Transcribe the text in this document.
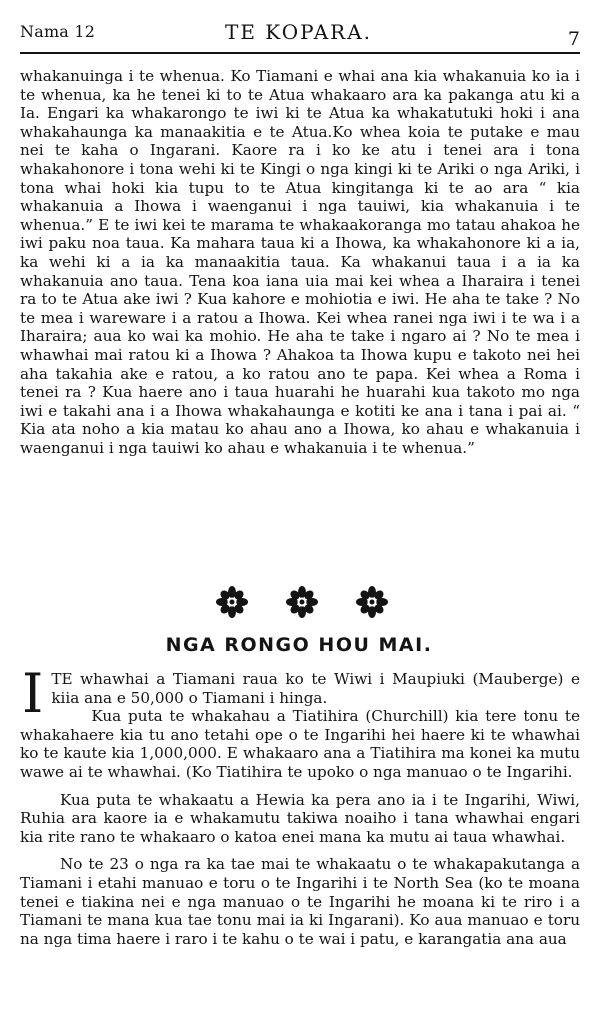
Nama 12	TE KOPARA.	7

whakanuinga i te whenua. Ko Tiamani e whai ana kia whakanuia ko ia i te whenua, ka he tenei ki to te Atua whakaaro ara ka pakanga atu ki a Ia. Engari ka whakarongo te iwi ki te Atua ka whakatutuki hoki i ana whakahaunga ka manaakitia e te Atua.Ko whea koia te putake e mau nei te kaha o Ingarani. Kaore ra i ko ke atu i tenei ara i tona whakahonore i tona wehi ki te Kingi o nga kingi ki te Ariki o nga Ariki, i tona whai hoki kia tupu to te Atua kingitanga ki te ao ara “ kia whakanuia a Ihowa i waenganui i nga tauiwi, kia whakanuia i te whenua.” E te iwi kei te marama te whakaakoranga mo tatau ahakoa he iwi paku noa taua. Ka mahara taua ki a Ihowa, ka whakahonore ki a ia, ka wehi ki a ia ka manaakitia taua. Ka whakanui taua i a ia ka whakanuia ano taua. Tena koa iana uia mai kei whea a Iharaira i tenei ra to te Atua ake iwi ? Kua kahore e mohiotia e iwi. He aha te take ? No te mea i wareware i a ratou a Ihowa. Kei whea ranei nga iwi i te wa i a Iharaira; aua ko wai ka mohio. He aha te take i ngaro ai ? No te mea i whawhai mai ratou ki a Ihowa ? Ahakoa ta Ihowa kupu e takoto nei hei aha takahia ake e ratou, a ko ratou ano te papa. Kei whea a Roma i tenei ra ? Kua haere ano i taua huarahi he huarahi kua takoto mo nga iwi e takahi ana i a Ihowa whakahaunga e kotiti ke ana i tana i pai ai. “ Kia ata noho a kia matau ko ahau ano a Ihowa, ko ahau e whakanuia i waenganui i nga tauiwi ko ahau e whakanuia i te whenua.”

NGA RONGO HOU MAI.

ITE whawhai a Tiamani raua ko te Wiwi i Maupiuki (Mauberge) e kiia ana e 50,000 o Tiamani i hinga.

Kua puta te whakahau a Tiatihira (Churchill) kia tere tonu te whakahaere kia tu ano tetahi ope o te Ingarihi hei haere ki te whawhai ko te kaute kia 1,000,000. E whakaaro ana a Tiatihira ma konei ka mutu wawe ai te whawhai. (Ko Tiatihira te upoko o nga manuao o te Ingarihi.

Kua puta te whakaatu a Hewia ka pera ano ia i te Ingarihi, Wiwi, Ruhia ara kaore ia e whakamutu takiwa noaiho i tana whawhai engari kia rite rano te whakaaro o katoa enei mana ka mutu ai taua whawhai.

No te 23 o nga ra ka tae mai te whakaatu o te whakapakutanga a Tiamani i etahi manuao e toru o te Ingarihi i te North Sea (ko te moana tenei e tiakina nei e nga manuao o te Ingarihi he moana ki te riro i a Tiamani te mana kua tae tonu mai ia ki Ingarani). Ko aua manuao e toru na nga tima haere i raro i te kahu o te wai i patu, e karangatia ana aua
